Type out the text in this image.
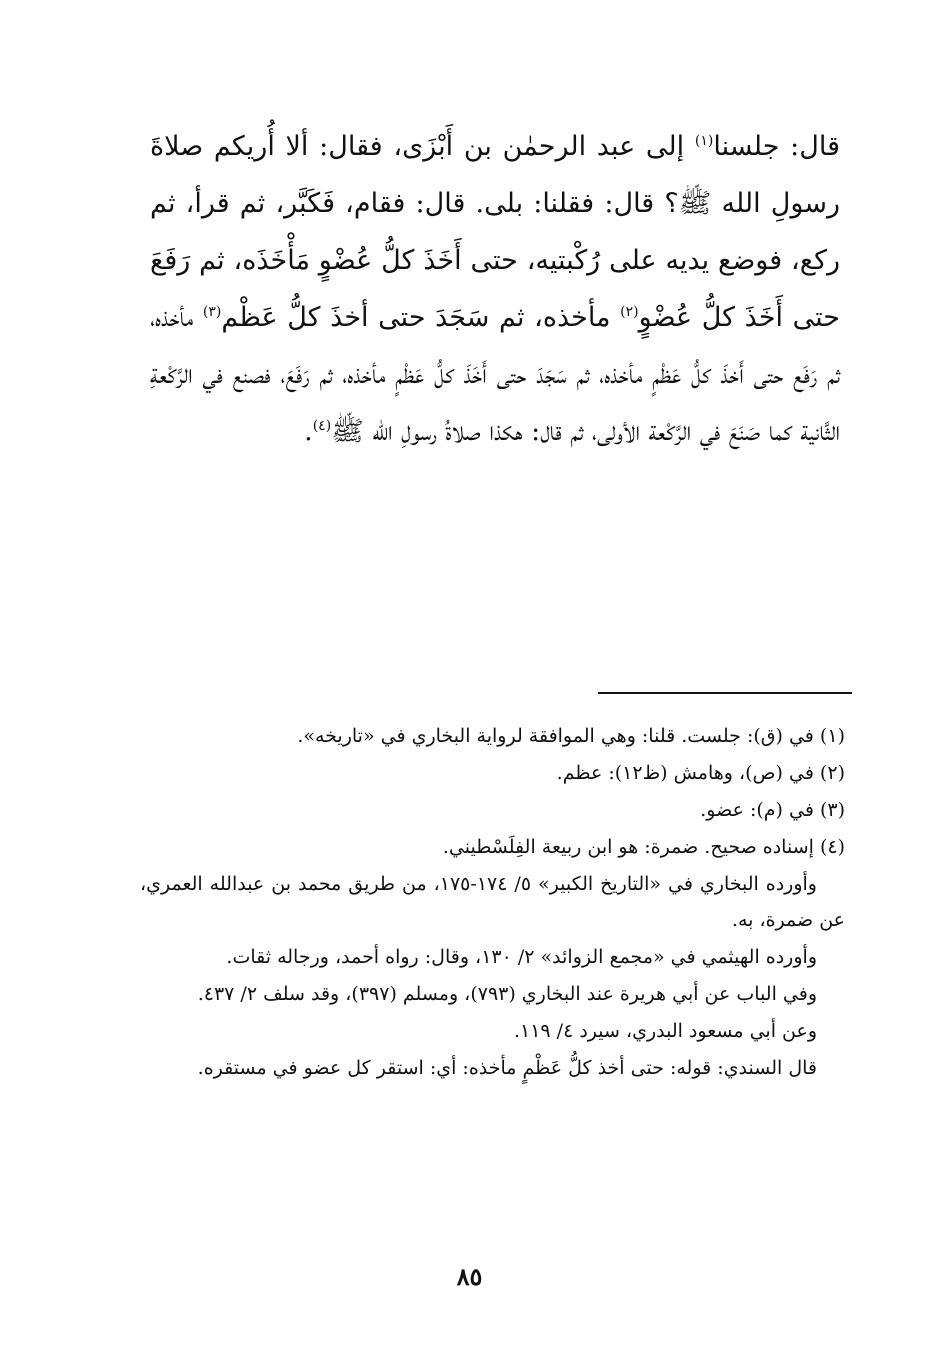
قال: جلسنا$^{(١)}$ إلى عبد الرحمٰن بن أَبْزَى، فقال: ألا أُريكم صلاةَ رسولِ الله ﷺ؟ قال: فقلنا: بلى. قال: فقام، فَكَبَّر، ثم قرأ، ثم ركع، فوضع يديه على رُكْبتيه، حتى أَخَذَ كلُّ عُضْوٍ مَأْخَذَه، ثم رَفَعَ حتى أَخَذَ كلُّ عُضْوٍ$^{(٢)}$ مأخذه، ثم سَجَدَ حتى أخذَ كلُّ عَظْم$^{(٣)}$ مأخذه، ثم رَفَع حتى أَخذَ كلُّ عَظْمٍ مأخذه، ثم سَجَدَ حتى أَخَذَ كلُّ عَظْمٍ مأخذه، ثم رَفَعَ، فصنع في الرَّكْعةِ الثَّانية كما صَنَعَ في الرَّكْعة الأولى، ثم قال: هكذا صلاةُ رسولِ الله ﷺ$^{(٤)}$.

(١) في (ق): جلست. قلنا: وهي الموافقة لرواية البخاري في «تاريخه».

(٢) في (ص)، وهامش (ظ١٢): عظم.

(٣) في (م): عضو.

(٤) إسناده صحيح. ضمرة: هو ابن ربيعة الفِلَسْطيني.

وأورده البخاري في «التاريخ الكبير» ٥/ ١٧٤-١٧٥، من طريق محمد بن عبدالله العمري، عن ضمرة، به.

وأورده الهيثمي في «مجمع الزوائد» ٢/ ١٣٠، وقال: رواه أحمد، ورجاله ثقات.

وفي الباب عن أبي هريرة عند البخاري (٧٩٣)، ومسلم (٣٩٧)، وقد سلف ٢/ ٤٣٧.

وعن أبي مسعود البدري، سيرد ٤/ ١١٩.

قال السندي: قوله: حتى أخذ كلُّ عَظْمٍ مأخذه: أي: استقر كل عضو في مستقره.

٨٥
